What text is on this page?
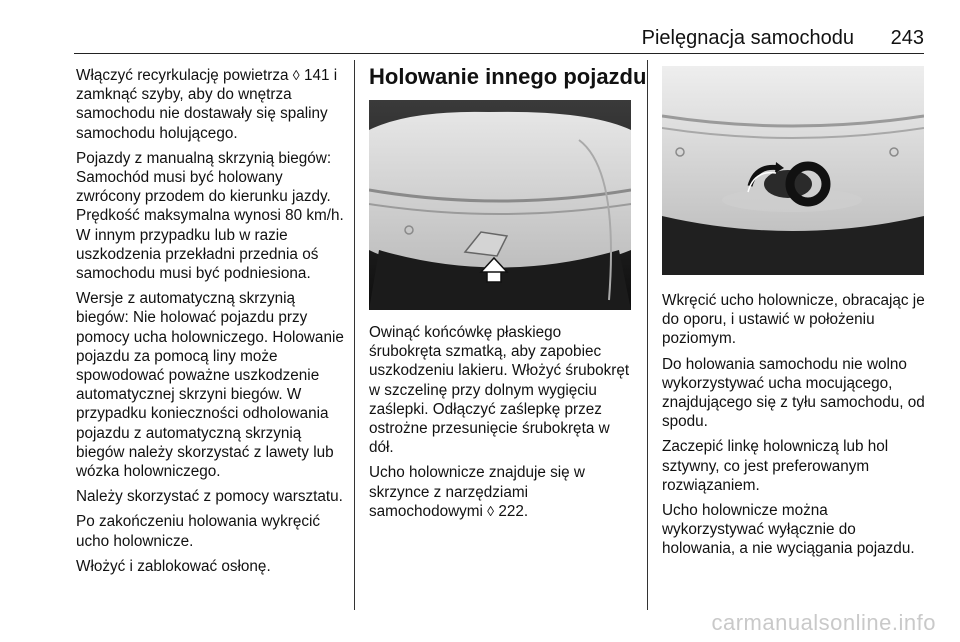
Pielęgnacja samochodu 243

Włączyć recyrkulację powietrza ◊ 141 i zamknąć szyby, aby do wnętrza samochodu nie dostawały się spaliny samochodu holującego.

Pojazdy z manualną skrzynią biegów: Samochód musi być holowany zwrócony przodem do kierunku jazdy. Prędkość maksymalna wynosi 80 km/h. W innym przypadku lub w razie uszkodzenia przekładni przednia oś samochodu musi być podniesiona.

Wersje z automatyczną skrzynią biegów: Nie holować pojazdu przy pomocy ucha holowniczego. Holowanie pojazdu za pomocą liny może spowodować poważne uszkodzenie automatycznej skrzyni biegów. W przypadku konieczności odholowania pojazdu z automatyczną skrzynią biegów należy skorzystać z lawety lub wózka holowniczego.

Należy skorzystać z pomocy warsztatu.

Po zakończeniu holowania wykręcić ucho holownicze.

Włożyć i zablokować osłonę.

Holowanie innego pojazdu

Owinąć końcówkę płaskiego śrubokręta szmatką, aby zapobiec uszkodzeniu lakieru. Włożyć śrubokręt w szczelinę przy dolnym wygięciu zaślepki. Odłączyć zaślepkę przez ostrożne przesunięcie śrubokręta w dół.

Ucho holownicze znajduje się w skrzynce z narzędziami samochodowymi ◊ 222.

Wkręcić ucho holownicze, obracając je do oporu, i ustawić w położeniu poziomym.

Do holowania samochodu nie wolno wykorzystywać ucha mocującego, znajdującego się z tyłu samochodu, od spodu.

Zaczepić linkę holowniczą lub hol sztywny, co jest preferowanym rozwiązaniem.

Ucho holownicze można wykorzystywać wyłącznie do holowania, a nie wyciągania pojazdu.

carmanualsonline.info
